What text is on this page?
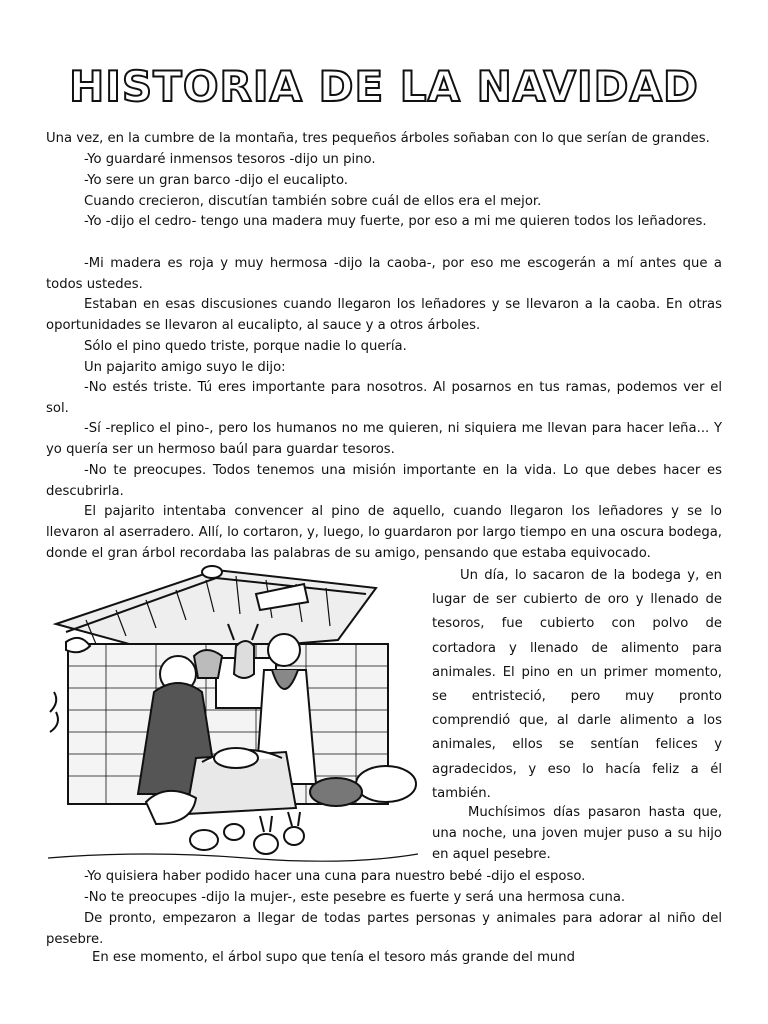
HISTORIA DE LA NAVIDAD

Una vez, en la cumbre de la montaña, tres pequeños árboles soñaban con lo que serían de grandes.

-Yo guardaré inmensos tesoros -dijo un pino.

-Yo sere un gran barco -dijo el eucalipto.

Cuando crecieron, discutían también sobre cuál de ellos era el mejor.

-Yo -dijo el cedro- tengo una madera muy fuerte, por eso a mi me quieren todos los leñadores.

-Mi madera es roja y muy hermosa -dijo la caoba-, por eso me escogerán a mí antes que a todos ustedes.

Estaban en esas discusiones cuando llegaron los leñadores y se llevaron a la caoba. En otras oportunidades se llevaron al eucalipto, al sauce y a otros árboles.

Sólo el pino quedo triste, porque nadie lo quería.

Un pajarito amigo suyo le dijo:

-No estés triste. Tú eres importante para nosotros. Al posarnos en tus ramas, podemos ver el sol.

-Sí -replico el pino-, pero los humanos no me quieren, ni siquiera me llevan para hacer leña... Y yo quería ser un hermoso baúl para guardar tesoros.

-No te preocupes. Todos tenemos una misión importante en la vida. Lo que debes hacer es descubrirla.

El pajarito intentaba convencer al pino de aquello, cuando llegaron los leñadores y se lo llevaron al aserradero. Allí, lo cortaron, y, luego, lo guardaron por largo tiempo en una oscura bodega, donde el gran árbol recordaba las palabras de su amigo, pensando que estaba equivocado.

Un día, lo sacaron de la bodega y, en lugar de ser cubierto de oro y llenado de tesoros, fue cubierto con polvo de cortadora y llenado de alimento para animales. El pino en un primer momento, se entristeció, pero muy pronto comprendió que, al darle alimento a los animales, ellos se sentían felices y agradecidos, y eso lo hacía feliz a él también.

Muchísimos días pasaron hasta que, una noche, una joven mujer puso a su hijo en aquel pesebre.

-Yo quisiera haber podido hacer una cuna para nuestro bebé -dijo el esposo.

-No te preocupes -dijo la mujer-, este pesebre es fuerte y será una hermosa cuna.

De pronto, empezaron a llegar de todas partes personas y animales para adorar al niño del pesebre.

En ese momento, el árbol supo que tenía el tesoro más grande del mund
